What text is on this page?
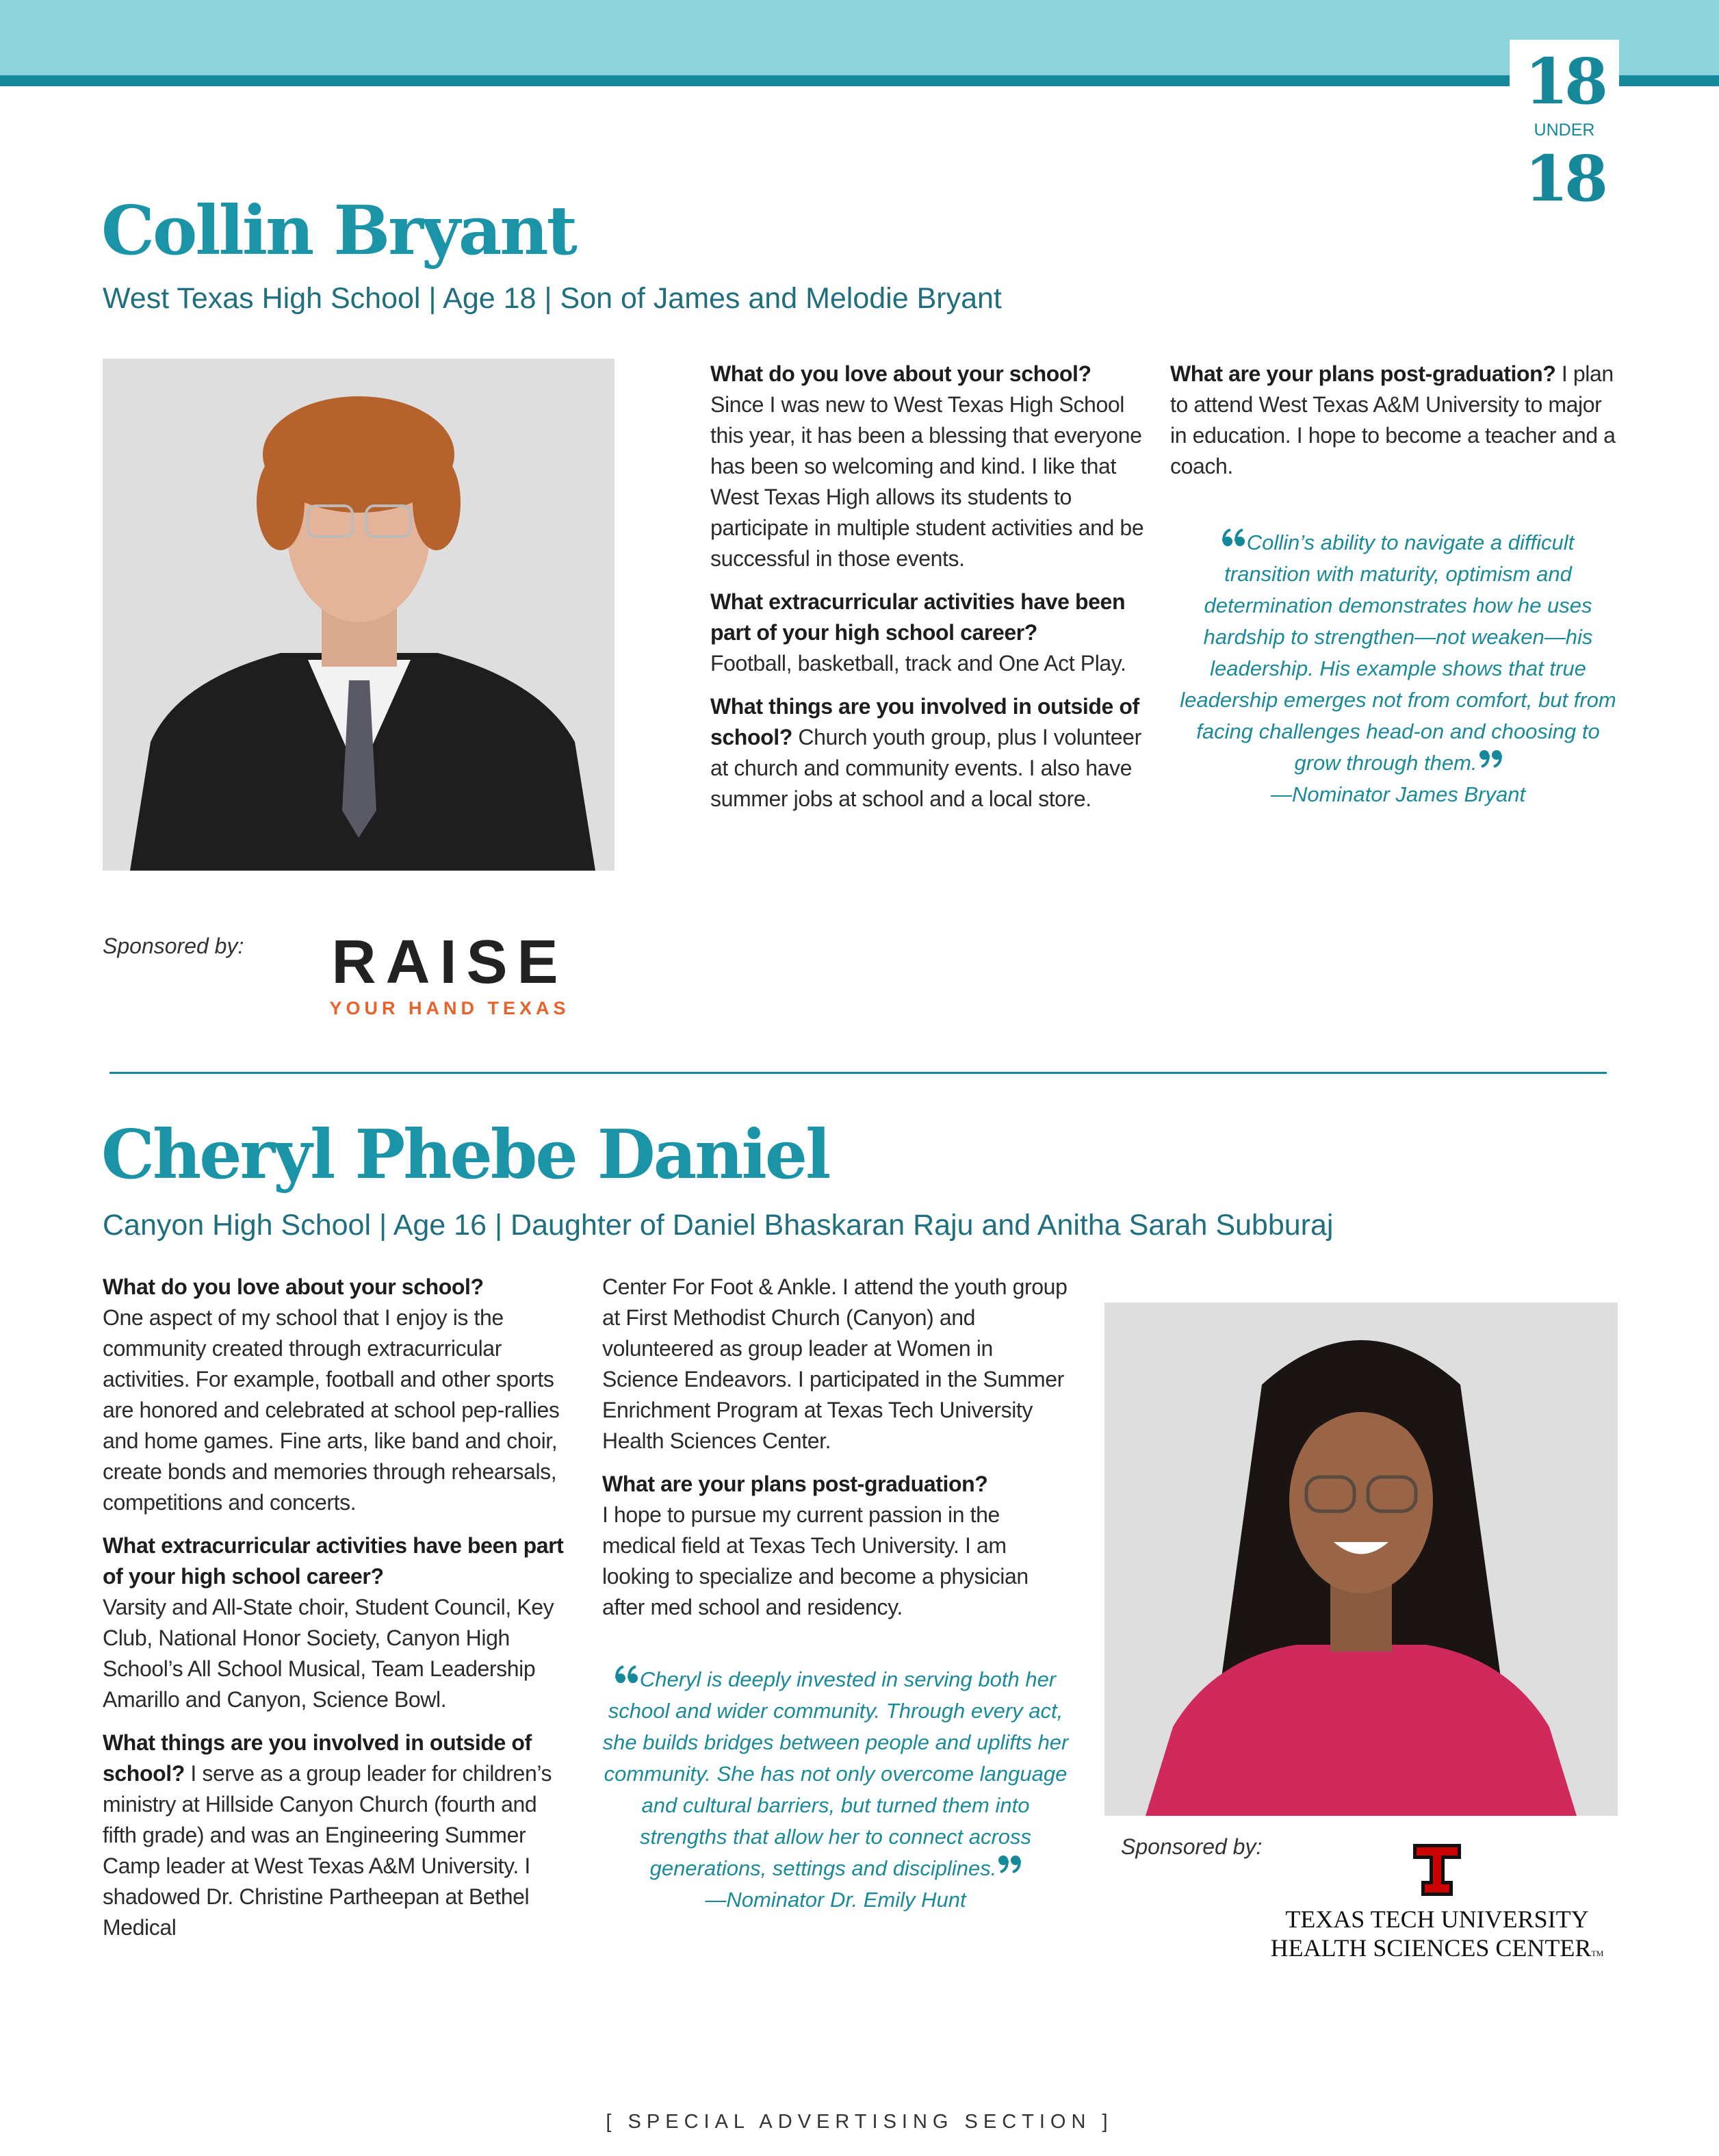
18
UNDER
18
Collin Bryant
West Texas High School | Age 18 | Son of James and Melodie Bryant

What do you love about your school?
Since I was new to West Texas High School this year, it has been a blessing that everyone has been so welcoming and kind. I like that West Texas High allows its students to participate in multiple student activities and be successful in those events.

What extracurricular activities have been part of your high school career?
Football, basketball, track and One Act Play.

What things are you involved in outside of school? Church youth group, plus I volunteer at church and community events. I also have summer jobs at school and a local store.

What are your plans post-graduation? I plan to attend West Texas A&M University to major in education. I hope to become a teacher and a coach.

Collin’s ability to navigate a difficult transition with maturity, optimism and determination demonstrates how he uses hardship to strengthen—not weaken—his leadership. His example shows that true leadership emerges not from comfort, but from facing challenges head-on and choosing to grow through them.

—Nominator James Bryant
Sponsored by:	RAISE
YOUR HAND TEXAS
Cheryl Phebe Daniel
Canyon High School | Age 16 | Daughter of Daniel Bhaskaran Raju and Anitha Sarah Subburaj

What do you love about your school?
One aspect of my school that I enjoy is the community created through extracurricular activities. For example, football and other sports are honored and celebrated at school pep-rallies and home games. Fine arts, like band and choir, create bonds and memories through rehearsals, competitions and concerts.

What extracurricular activities have been part of your high school career?
Varsity and All-State choir, Student Council, Key Club, National Honor Society, Canyon High School’s All School Musical, Team Leadership Amarillo and Canyon, Science Bowl.

What things are you involved in outside of school? I serve as a group leader for children’s ministry at Hillside Canyon Church (fourth and fifth grade) and was an Engineering Summer Camp leader at West Texas A&M University. I shadowed Dr. Christine Partheepan at Bethel Medical

Center For Foot & Ankle. I attend the youth group at First Methodist Church (Canyon) and volunteered as group leader at Women in Science Endeavors. I participated in the Summer Enrichment Program at Texas Tech University Health Sciences Center.

What are your plans post-graduation?
I hope to pursue my current passion in the medical field at Texas Tech University. I am looking to specialize and become a physician after med school and residency.

Cheryl is deeply invested in serving both her school and wider community. Through every act, she builds bridges between people and uplifts her community. She has not only overcome language and cultural barriers, but turned them into strengths that allow her to connect across generations, settings and disciplines.

—Nominator Dr. Emily Hunt
Sponsored by:
TEXAS TECH UNIVERSITY
HEALTH SCIENCES CENTERTM
[ SPECIAL ADVERTISING SECTION ]
